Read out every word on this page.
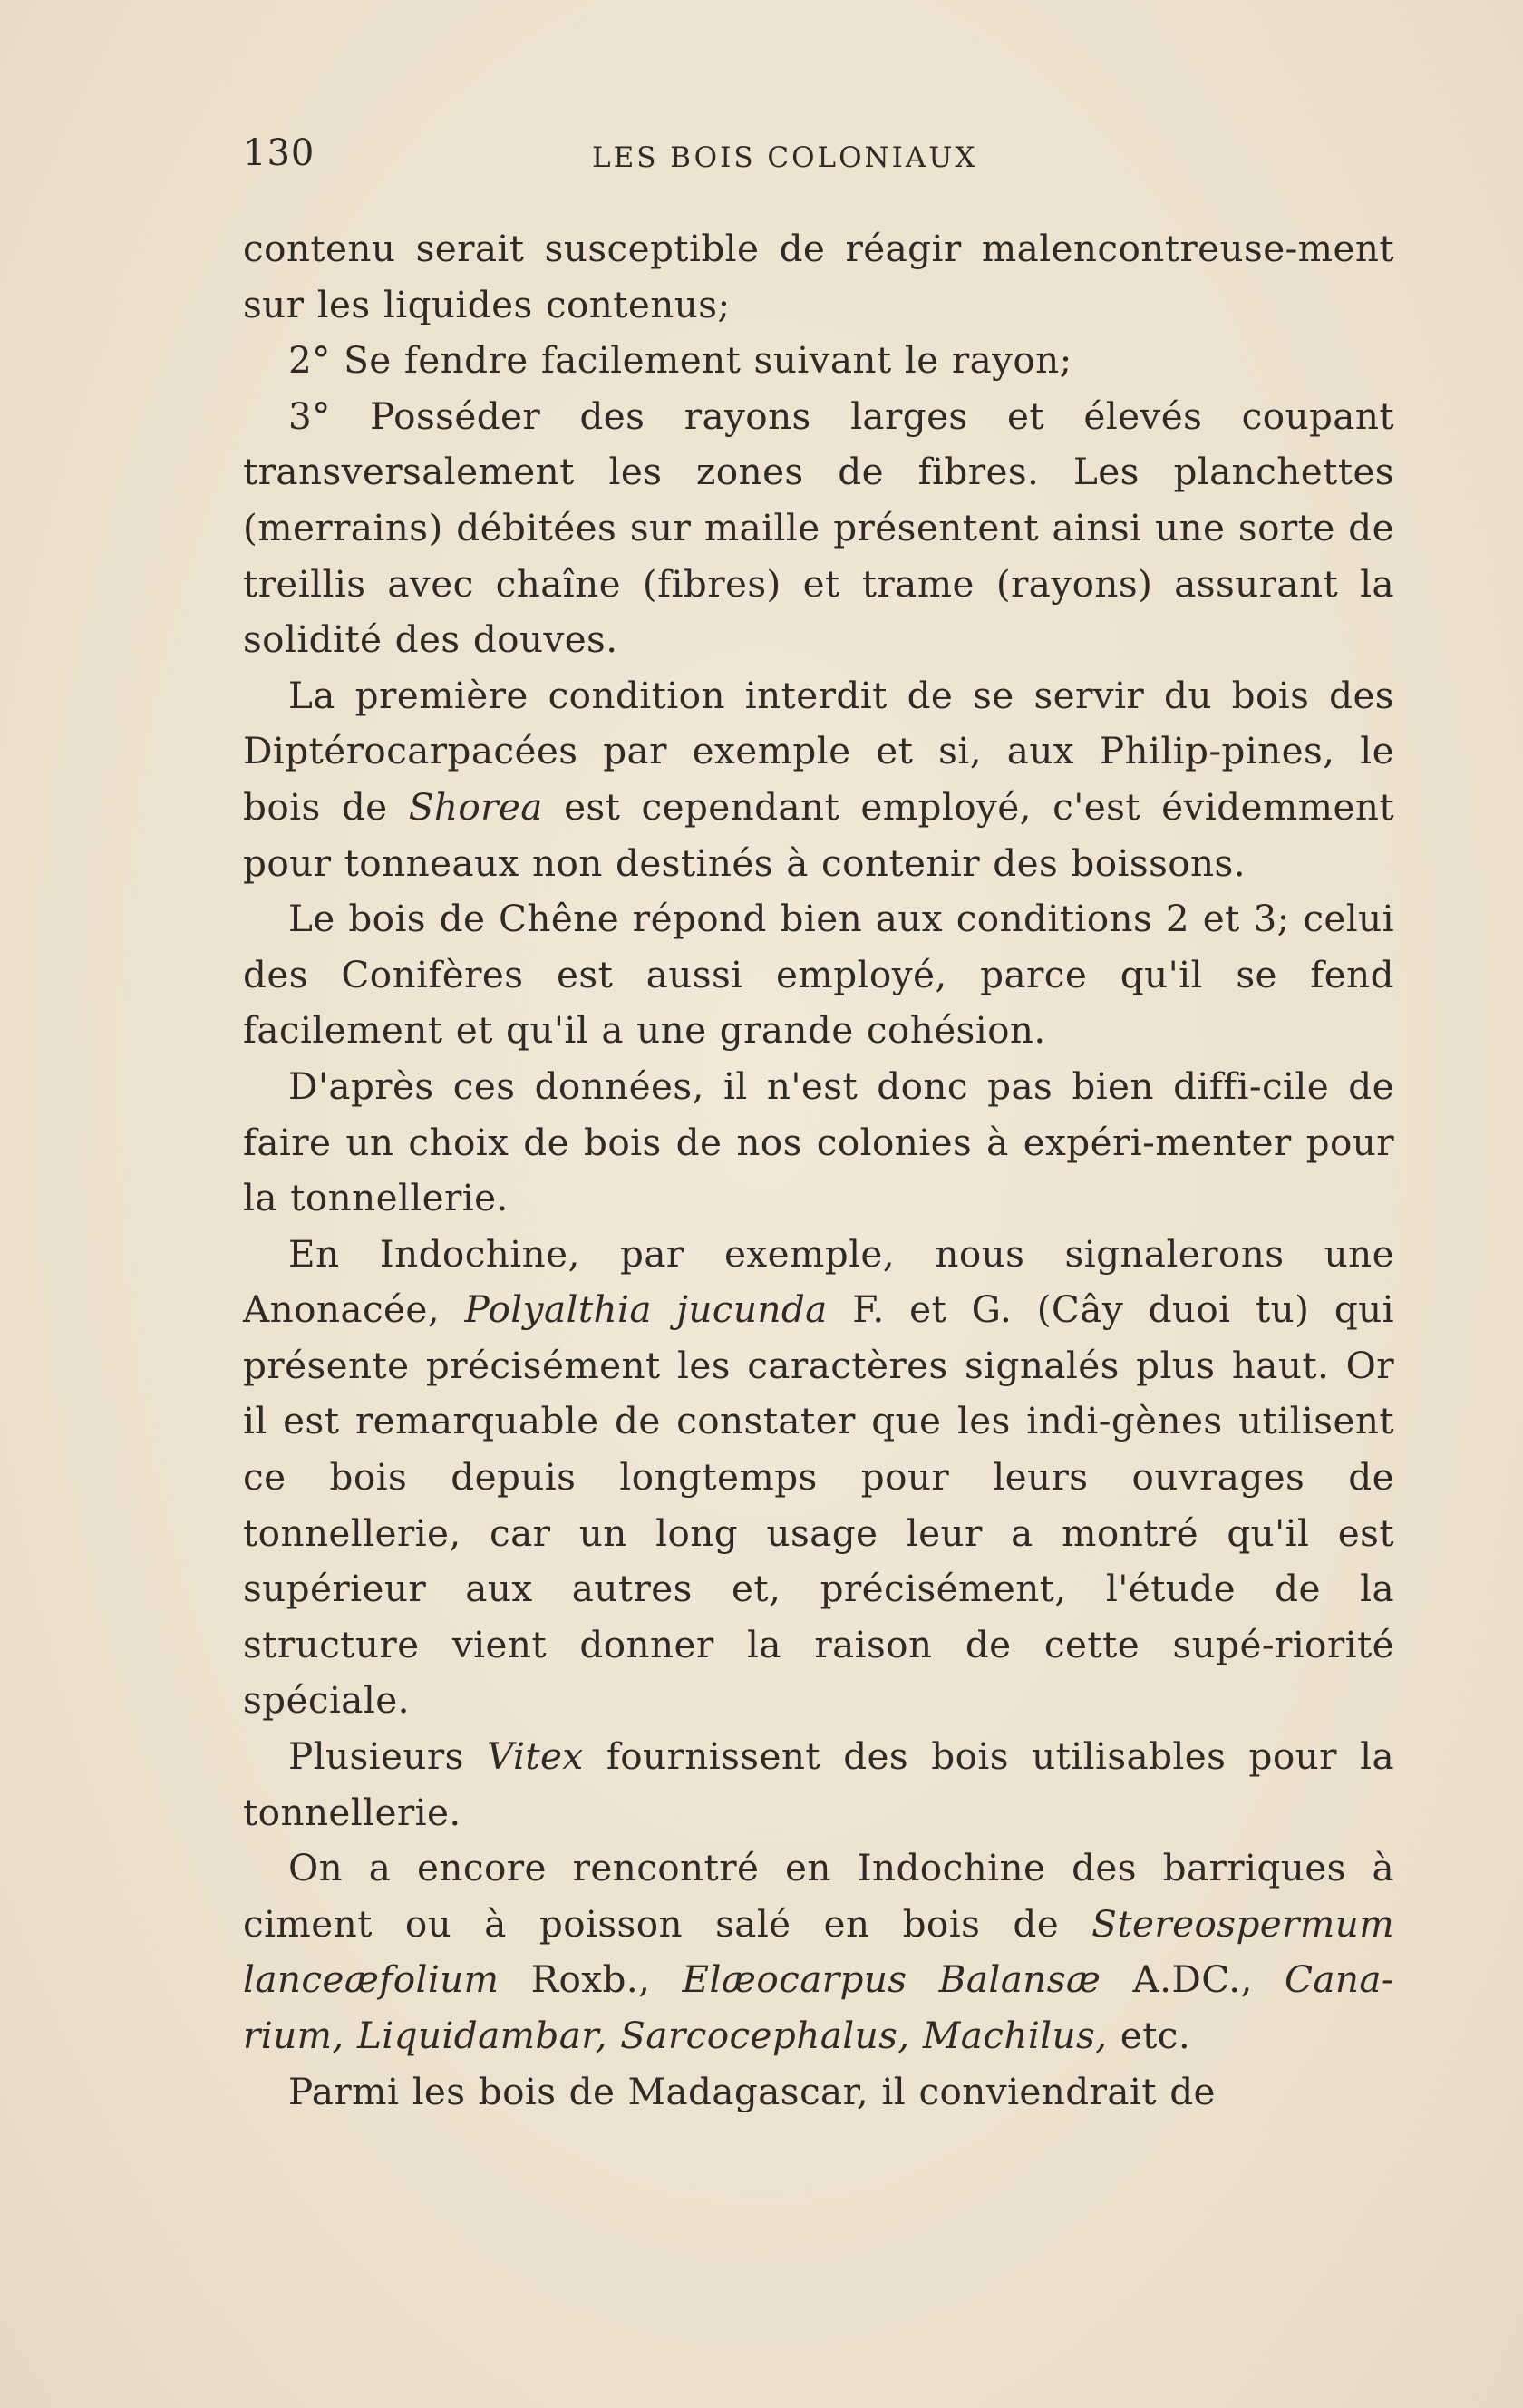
130	LES BOIS COLONIAUX

contenu serait susceptible de réagir malencontreuse-ment sur les liquides contenus;

2° Se fendre facilement suivant le rayon;

3° Posséder des rayons larges et élevés coupant transversalement les zones de fibres. Les planchettes (merrains) débitées sur maille présentent ainsi une sorte de treillis avec chaîne (fibres) et trame (rayons) assurant la solidité des douves.

La première condition interdit de se servir du bois des Diptérocarpacées par exemple et si, aux Philip-pines, le bois de Shorea est cependant employé, c'est évidemment pour tonneaux non destinés à contenir des boissons.

Le bois de Chêne répond bien aux conditions 2 et 3; celui des Conifères est aussi employé, parce qu'il se fend facilement et qu'il a une grande cohésion.

D'après ces données, il n'est donc pas bien diffi-cile de faire un choix de bois de nos colonies à expéri-menter pour la tonnellerie.

En Indochine, par exemple, nous signalerons une Anonacée, Polyalthia jucunda F. et G. (Cây duoi tu) qui présente précisément les caractères signalés plus haut. Or il est remarquable de constater que les indi-gènes utilisent ce bois depuis longtemps pour leurs ouvrages de tonnellerie, car un long usage leur a montré qu'il est supérieur aux autres et, précisément, l'étude de la structure vient donner la raison de cette supé-riorité spéciale.

Plusieurs Vitex fournissent des bois utilisables pour la tonnellerie.

On a encore rencontré en Indochine des barriques à ciment ou à poisson salé en bois de Stereospermum lanceæfolium Roxb., Elæocarpus Balansæ A.DC., Cana-rium, Liquidambar, Sarcocephalus, Machilus, etc.

Parmi les bois de Madagascar, il conviendrait de
